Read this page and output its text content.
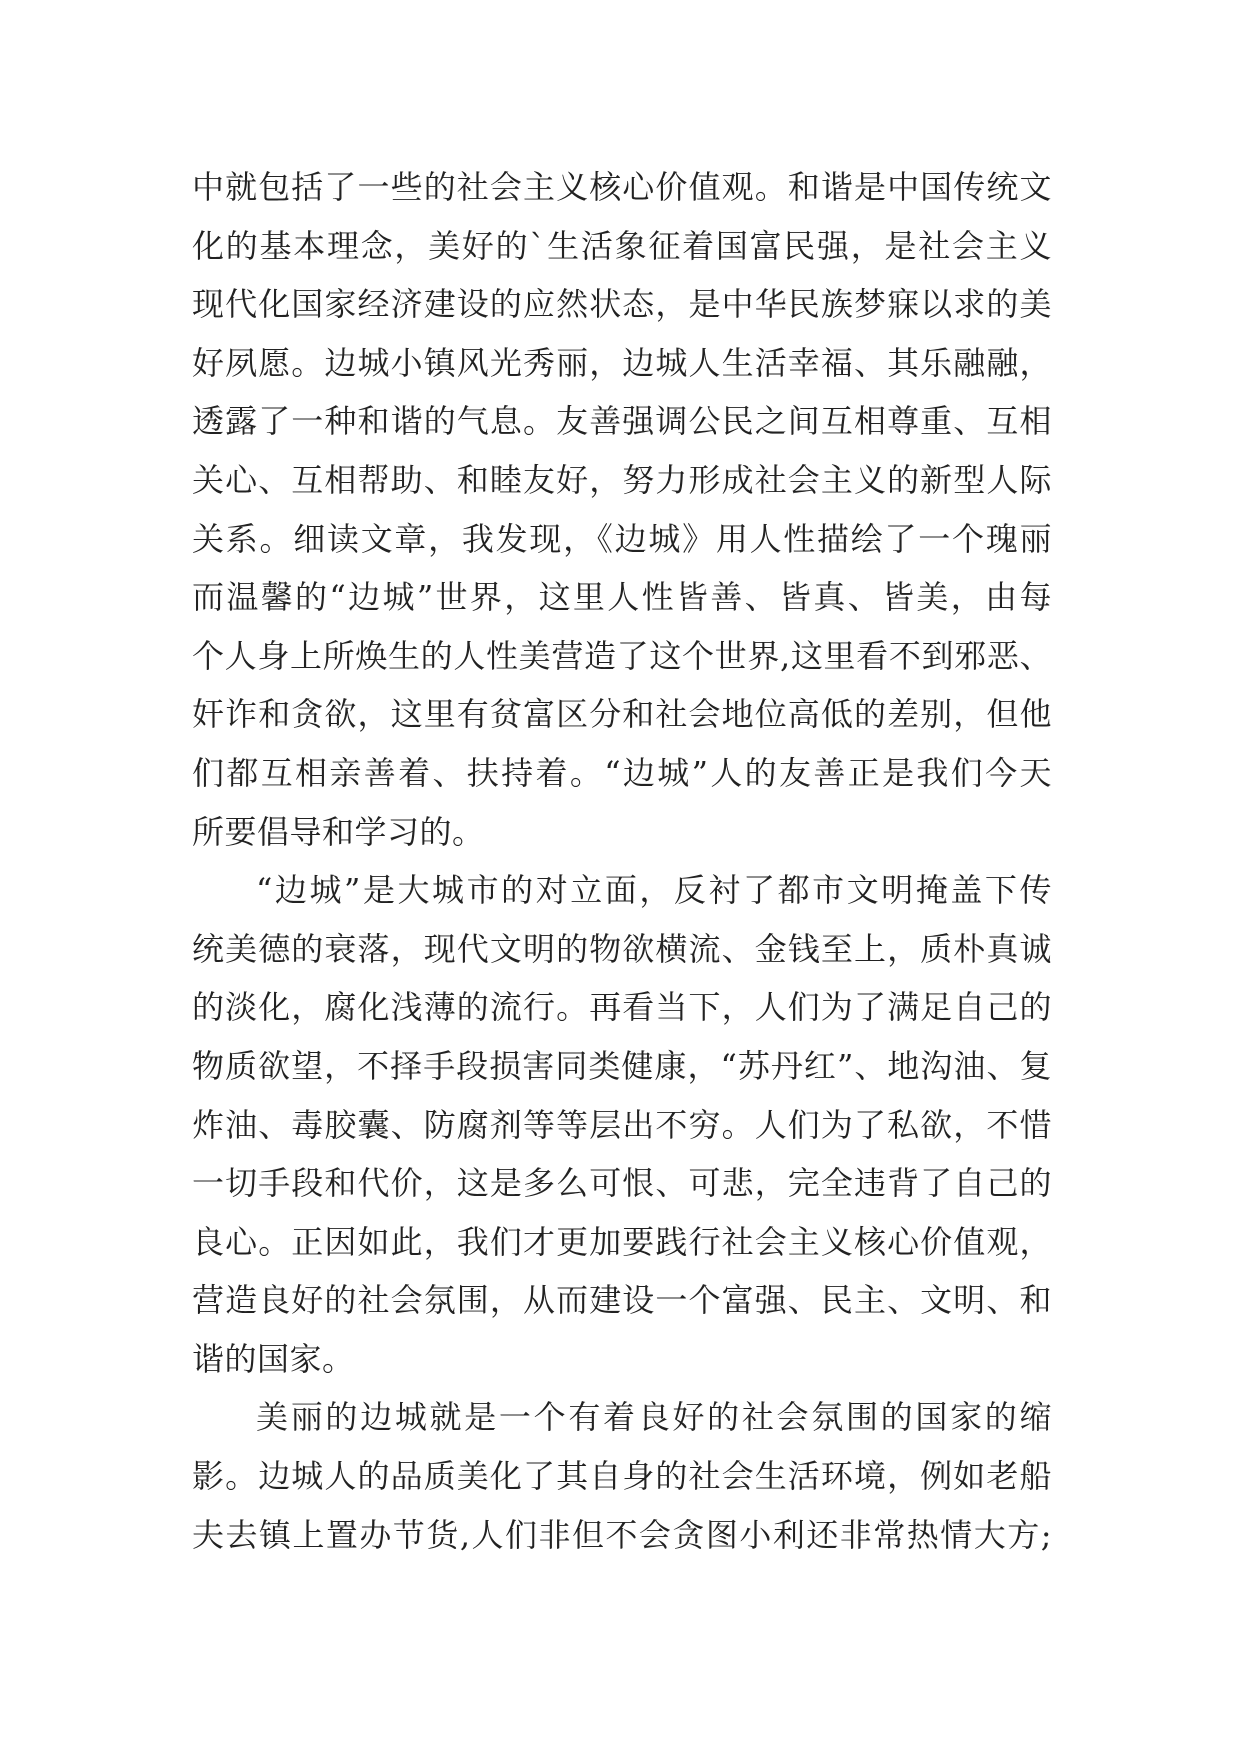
中就包括了一些的社会主义核心价值观。和谐是中国传统文
化的基本理念，美好的`生活象征着国富民强，是社会主义
现代化国家经济建设的应然状态，是中华民族梦寐以求的美
好夙愿。边城小镇风光秀丽，边城人生活幸福、其乐融融，
透露了一种和谐的气息。友善强调公民之间互相尊重、互相
关心、互相帮助、和睦友好，努力形成社会主义的新型人际
关系。细读文章，我发现，《边城》用人性描绘了一个瑰丽
而温馨的“边城”世界，这里人性皆善、皆真、皆美，由每
个人身上所焕生的人性美营造了这个世界,这里看不到邪恶、
奸诈和贪欲，这里有贫富区分和社会地位高低的差别，但他
们都互相亲善着、扶持着。“边城”人的友善正是我们今天
所要倡导和学习的。
“边城”是大城市的对立面，反衬了都市文明掩盖下传
统美德的衰落，现代文明的物欲横流、金钱至上，质朴真诚
的淡化，腐化浅薄的流行。再看当下，人们为了满足自己的
物质欲望，不择手段损害同类健康，“苏丹红”、地沟油、复
炸油、毒胶囊、防腐剂等等层出不穷。人们为了私欲，不惜
一切手段和代价，这是多么可恨、可悲，完全违背了自己的
良心。正因如此，我们才更加要践行社会主义核心价值观，
营造良好的社会氛围，从而建设一个富强、民主、文明、和
谐的国家。
美丽的边城就是一个有着良好的社会氛围的国家的缩
影。边城人的品质美化了其自身的社会生活环境，例如老船
夫去镇上置办节货,人们非但不会贪图小利还非常热情大方;
